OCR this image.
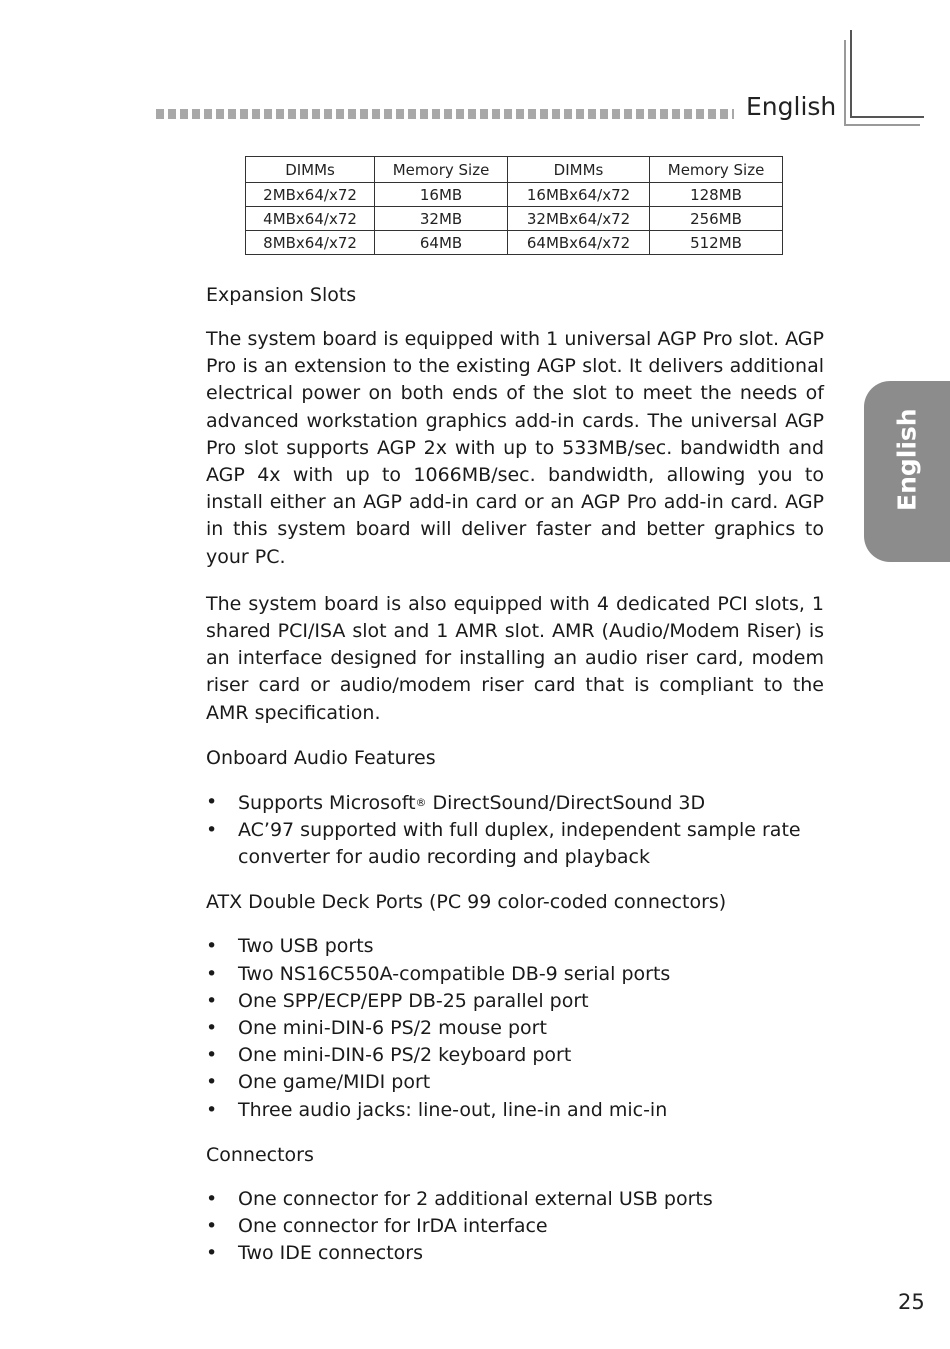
English
English
DIMMs	Memory Size	DIMMs	Memory Size
2MBx64/x72	16MB	16MBx64/x72	128MB
4MBx64/x72	32MB	32MBx64/x72	256MB
8MBx64/x72	64MB	64MBx64/x72	512MB
Expansion Slots

The system board is equipped with 1 universal AGP Pro slot. AGP Pro is an extension to the existing AGP slot. It delivers additional electrical power on both ends of the slot to meet the needs of advanced workstation graphics add-in cards. The universal AGP Pro slot supports AGP 2x with up to 533MB/sec. bandwidth and AGP 4x with up to 1066MB/sec. bandwidth, allowing you to install either an AGP add-in card or an AGP Pro add-in card. AGP in this system board will deliver faster and better graphics to your PC.

The system board is also equipped with 4 dedicated PCI slots, 1 shared PCI/ISA slot and 1 AMR slot. AMR (Audio/Modem Riser) is an interface designed for installing an audio riser card, modem riser card or audio/modem riser card that is compliant to the AMR specification.

Onboard Audio Features
• Supports Microsoft® DirectSound/DirectSound 3D
• AC’97 supported with full duplex, independent sample rate converter for audio recording and playback
ATX Double Deck Ports (PC 99 color-coded connectors)
• Two USB ports
• Two NS16C550A-compatible DB-9 serial ports
• One SPP/ECP/EPP DB-25 parallel port
• One mini-DIN-6 PS/2 mouse port
• One mini-DIN-6 PS/2 keyboard port
• One game/MIDI port
• Three audio jacks: line-out, line-in and mic-in
Connectors
• One connector for 2 additional external USB ports
• One connector for IrDA interface
• Two IDE connectors
25
